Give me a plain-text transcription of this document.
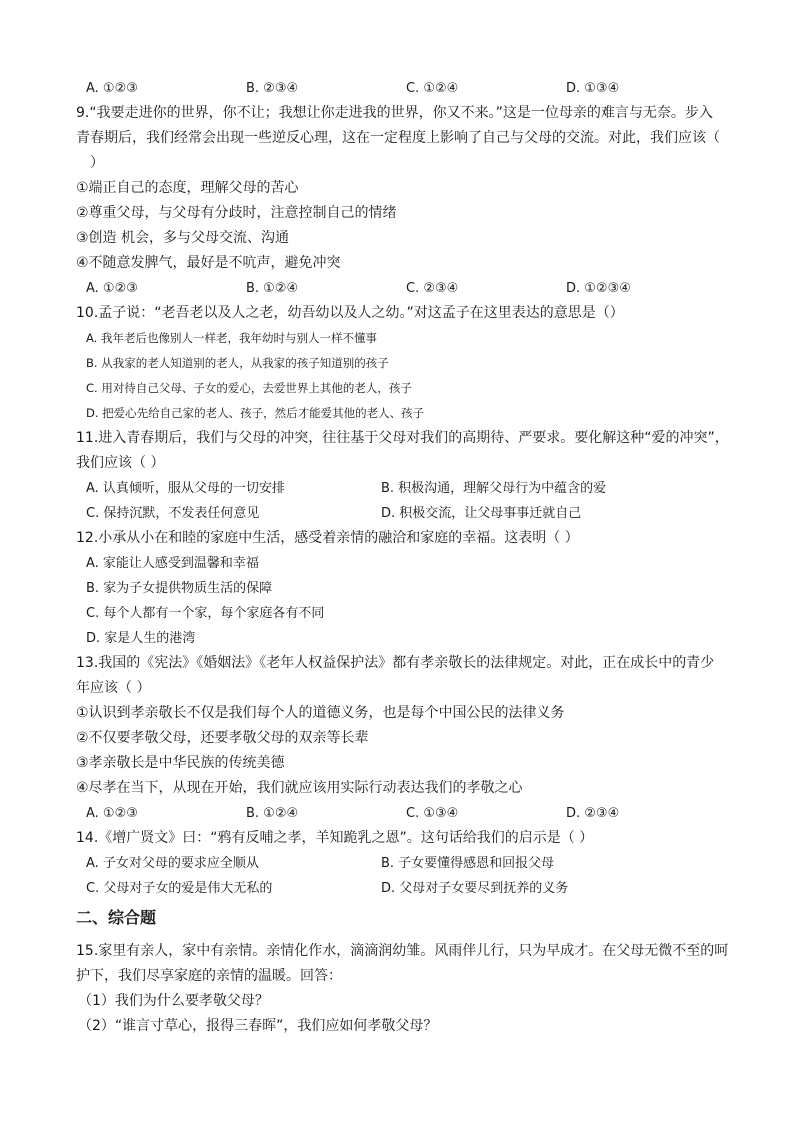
A. ①②③	B. ②③④	C. ①②④	D. ①③④
9.“我要走进你的世界，你不让；我想让你走进我的世界，你又不来。”这是一位母亲的难言与无奈。步入
青春期后，我们经常会出现一些逆反心理，这在一定程度上影响了自己与父母的交流。对此，我们应该（
）
①端正自己的态度，理解父母的苦心
②尊重父母，与父母有分歧时，注意控制自己的情绪
③创造 机会，多与父母交流、沟通
④不随意发脾气，最好是不吭声，避免冲突
A. ①②③	B. ①②④	C. ②③④	D. ①②③④
10.孟子说：“老吾老以及人之老，幼吾幼以及人之幼。”对这孟子在这里表达的意思是（）
A. 我年老后也像别人一样老，我年幼时与别人一样不懂事
B. 从我家的老人知道别的老人，从我家的孩子知道别的孩子
C. 用对待自己父母、子女的爱心，去爱世界上其他的老人，孩子
D. 把爱心先给自己家的老人、孩子，然后才能爱其他的老人、孩子
11.进入青春期后，我们与父母的冲突，往往基于父母对我们的高期待、严要求。要化解这种“爱的冲突”，
我们应该（ ）
A. 认真倾听，服从父母的一切安排	B. 积极沟通，理解父母行为中蕴含的爱
C. 保持沉默，不发表任何意见	D. 积极交流，让父母事事迁就自己
12.小承从小在和睦的家庭中生活，感受着亲情的融洽和家庭的幸福。这表明（ ）
A. 家能让人感受到温馨和幸福
B. 家为子女提供物质生活的保障
C. 每个人都有一个家，每个家庭各有不同
D. 家是人生的港湾
13.我国的《宪法》《婚姻法》《老年人权益保护法》都有孝亲敬长的法律规定。对此，正在成长中的青少
年应该（ ）
①认识到孝亲敬长不仅是我们每个人的道德义务，也是每个中国公民的法律义务
②不仅要孝敬父母，还要孝敬父母的双亲等长辈
③孝亲敬长是中华民族的传统美德
④尽孝在当下，从现在开始，我们就应该用实际行动表达我们的孝敬之心
A. ①②③	B. ①②④	C. ①③④	D. ②③④
14.《增广贤文》曰：“鸦有反哺之孝，羊知跪乳之恩”。这句话给我们的启示是（ ）
A. 子女对父母的要求应全顺从	B. 子女要懂得感恩和回报父母
C. 父母对子女的爱是伟大无私的	D. 父母对子女要尽到抚养的义务
二、综合题
15.家里有亲人，家中有亲情。亲情化作水，滴滴润幼雏。风雨伴儿行，只为早成才。在父母无微不至的呵
护下，我们尽享家庭的亲情的温暖。回答：
（1）我们为什么要孝敬父母？
（2）“谁言寸草心，报得三春晖”，我们应如何孝敬父母？
